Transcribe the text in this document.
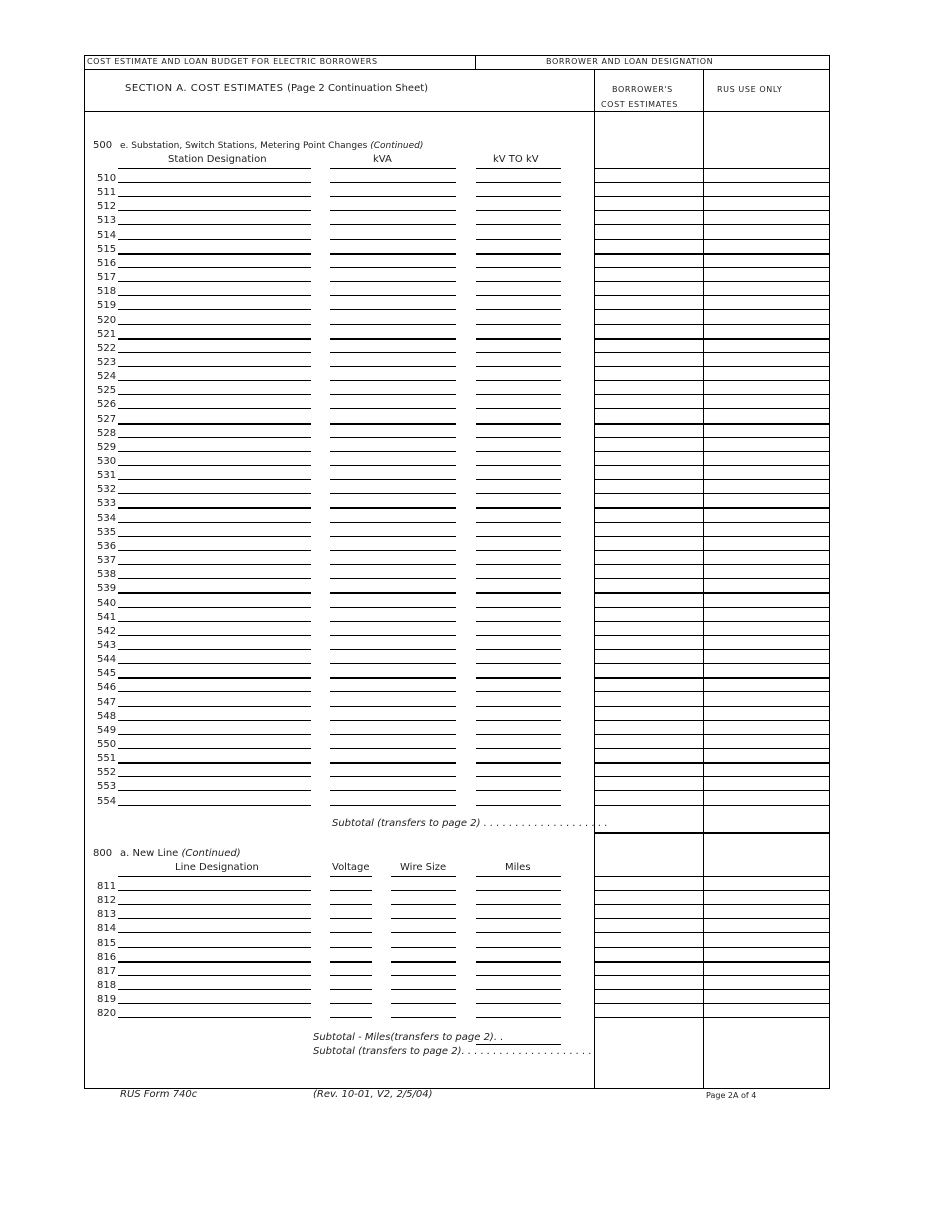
COST ESTIMATE AND LOAN BUDGET FOR ELECTRIC BORROWERS	BORROWER AND LOAN DESIGNATION
SECTION A. COST ESTIMATES (Page 2 Continuation Sheet)	BORROWER'S
COST ESTIMATES
RUS USE ONLY
500 e. Substation, Switch Stations, Metering Point Changes (Continued)
Station Designation	kVA	kV TO kV
510
511
512
513
514
515
516
517
518
519
520
521
522
523
524
525
526
527
528
529
530
531
532
533
534
535
536
537
538
539
540
541
542
543
544
545
546
547
548
549
550
551
552
553
554
Subtotal (transfers to page 2) . . . . . . . . . . . . . . . . . . . .
800 a. New Line (Continued)
Line Designation	Voltage	Wire Size	Miles
811
812
813
814
815
816
817
818
819
820
Subtotal - Miles(transfers to page 2). .
Subtotal (transfers to page 2). . . . . . . . . . . . . . . . . . . . .
RUS Form 740c	(Rev. 10-01, V2, 2/5/04)	Page 2A of 4
